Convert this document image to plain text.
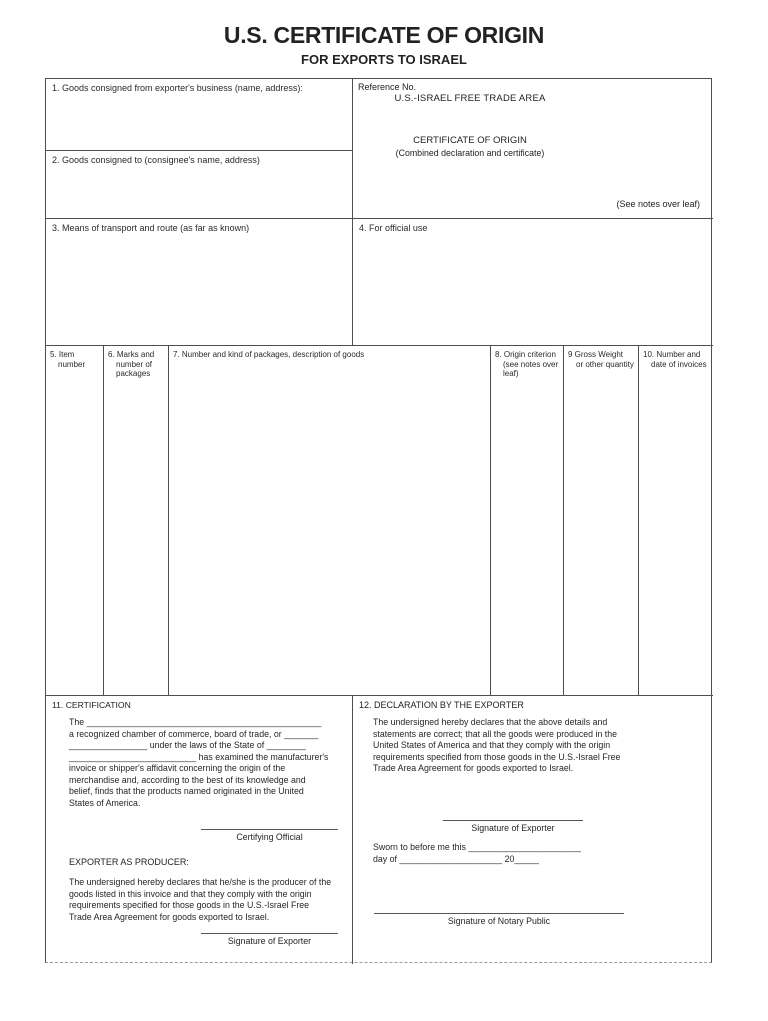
U.S. CERTIFICATE OF ORIGIN
FOR EXPORTS TO ISRAEL
1. Goods consigned from exporter's business (name, address):	Reference No.
U.S.-ISRAEL FREE TRADE AREA
CERTIFICATE OF ORIGIN
(Combined declaration and certificate)
(See notes over leaf)
2. Goods consigned to (consignee's name, address)
3. Means of transport and route (as far as known)	4. For official use
5. Item
number
6. Marks and
number of
packages
7. Number and kind of packages, description of goods	8. Origin criterion
(see notes over
leaf)
9 Gross Weight
or other quantity
10. Number and
date of invoices
11. CERTIFICATION
The ________________________________________________
a recognized chamber of commerce, board of trade, or _______
________________ under the laws of the State of ________
__________________________ has examined the manufacturer's
invoice or shipper's affidavit concerning the origin of the
merchandise and, according to the best of its knowledge and
belief, finds that the products named originated in the United
States of America.
Certifying Official
EXPORTER AS PRODUCER:
The undersigned hereby declares that he/she is the producer of the
goods listed in this invoice and that they comply with the origin
requirements specified for those goods in the U.S.-Israel Free
Trade Area Agreement for goods exported to Israel.
Signature of Exporter
12. DECLARATION BY THE EXPORTER
The undersigned hereby declares that the above details and
statements are correct; that all the goods were produced in the
United States of America and that they comply with the origin
requirements specified from those goods in the U.S.-Israel Free
Trade Area Agreement for goods exported to Israel.
Signature of Exporter
Sworn to before me this _______________________
day of _____________________ 20_____
Signature of Notary Public
